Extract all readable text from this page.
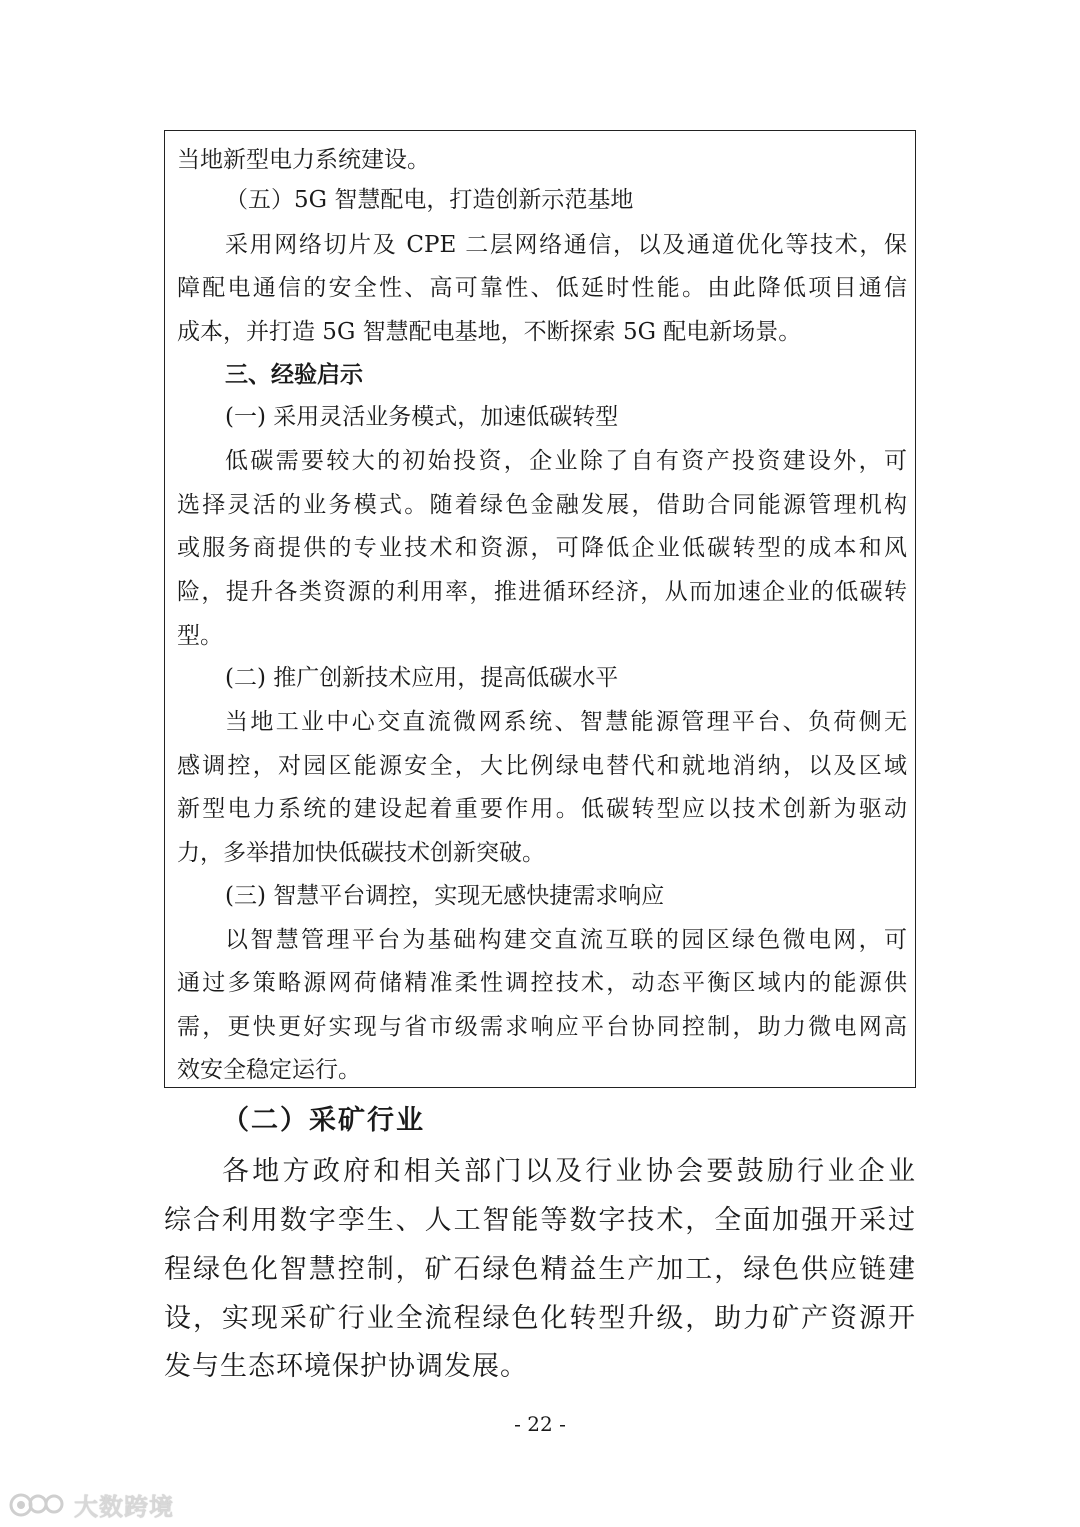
当地新型电力系统建设。
（五）5G 智慧配电，打造创新示范基地
采用网络切片及 CPE 二层网络通信，以及通道优化等技术，保
障配电通信的安全性、高可靠性、低延时性能。由此降低项目通信
成本，并打造 5G 智慧配电基地，不断探索 5G 配电新场景。
三、经验启示
(一) 采用灵活业务模式，加速低碳转型
低碳需要较大的初始投资，企业除了自有资产投资建设外，可
选择灵活的业务模式。随着绿色金融发展，借助合同能源管理机构
或服务商提供的专业技术和资源，可降低企业低碳转型的成本和风
险，提升各类资源的利用率，推进循环经济，从而加速企业的低碳转
型。
(二) 推广创新技术应用，提高低碳水平
当地工业中心交直流微网系统、智慧能源管理平台、负荷侧无
感调控，对园区能源安全，大比例绿电替代和就地消纳，以及区域
新型电力系统的建设起着重要作用。低碳转型应以技术创新为驱动
力，多举措加快低碳技术创新突破。
(三) 智慧平台调控，实现无感快捷需求响应
以智慧管理平台为基础构建交直流互联的园区绿色微电网，可
通过多策略源网荷储精准柔性调控技术，动态平衡区域内的能源供
需，更快更好实现与省市级需求响应平台协同控制，助力微电网高
效安全稳定运行。
（二）采矿行业
各地方政府和相关部门以及行业协会要鼓励行业企业
综合利用数字孪生、人工智能等数字技术，全面加强开采过
程绿色化智慧控制，矿石绿色精益生产加工，绿色供应链建
设，实现采矿行业全流程绿色化转型升级，助力矿产资源开
发与生态环境保护协调发展。
- 22 -
大数跨境
